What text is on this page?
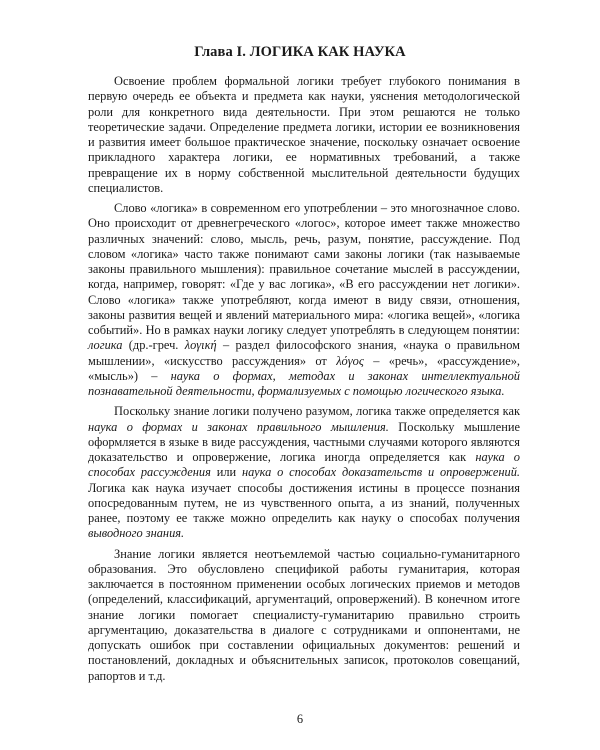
Глава I. ЛОГИКА КАК НАУКА

Освоение проблем формальной логики требует глубокого понимания в первую очередь ее объекта и предмета как науки, уяснения методологической роли для конкретного вида деятельности. При этом решаются не только теоретические задачи. Определение предмета логики, истории ее возникновения и развития имеет большое практическое значение, поскольку означает освоение прикладного характера логики, ее нормативных требований, а также превращение их в норму собственной мыслительной деятельности будущих специалистов.

Слово «логика» в современном его употреблении – это многозначное слово. Оно происходит от древнегреческого «логос», которое имеет также множество различных значений: слово, мысль, речь, разум, понятие, рассуждение. Под словом «логика» часто также понимают сами законы логики (так называемые законы правильного мышления): правильное сочетание мыслей в рассуждении, когда, например, говорят: «Где у вас логика», «В его рассуждении нет логики». Слово «логика» также употребляют, когда имеют в виду связи, отношения, законы развития вещей и явлений материального мира: «логика вещей», «логика событий». Но в рамках науки логику следует употреблять в следующем понятии: логика (др.-греч. λογική – раздел философского знания, «наука о правильном мышлении», «искусство рассуждения» от λόγος – «речь», «рассуждение», «мысль») – наука о формах, методах и законах интеллектуальной познавательной деятельности, формализуемых с помощью логического языка.

Поскольку знание логики получено разумом, логика также определяется как наука о формах и законах правильного мышления. Поскольку мышление оформляется в языке в виде рассуждения, частными случаями которого являются доказательство и опровержение, логика иногда определяется как наука о способах рассуждения или наука о способах доказательств и опровержений. Логика как наука изучает способы достижения истины в процессе познания опосредованным путем, не из чувственного опыта, а из знаний, полученных ранее, поэтому ее также можно определить как науку о способах получения выводного знания.

Знание логики является неотъемлемой частью социально-гуманитарного образования. Это обусловлено спецификой работы гуманитария, которая заключается в постоянном применении особых логических приемов и методов (определений, классификаций, аргументаций, опровержений). В конечном итоге знание логики помогает специалисту-гуманитарию правильно строить аргументацию, доказательства в диалоге с сотрудниками и оппонентами, не допускать ошибок при составлении официальных документов: решений и постановлений, докладных и объяснительных записок, протоколов совещаний, рапортов и т.д.

6
